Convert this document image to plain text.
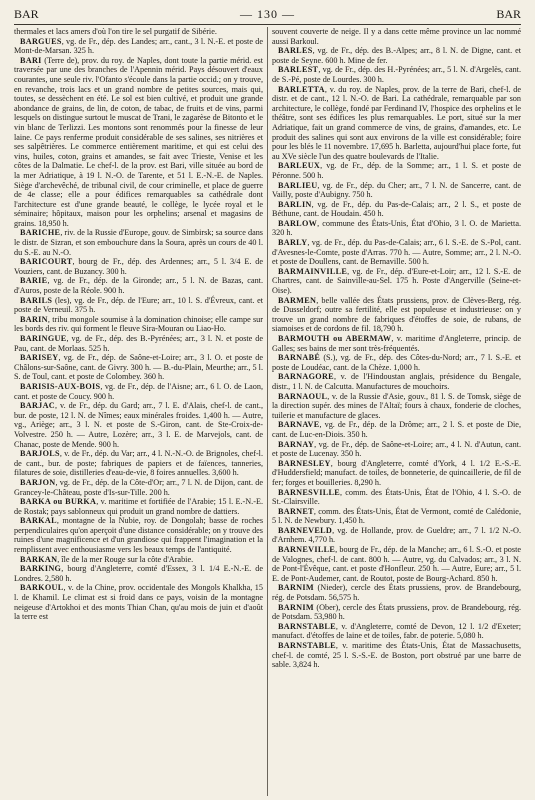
BAR	— 130 —	BAR

thermales et lacs amers d'où l'on tire le sel purgatif de Sibérie.

BARGUES, vg. de Fr., dép. des Landes; arr., cant., 3 l. N.-E. et poste de Mont-de-Marsan. 325 h.

BARI (Terre de), prov. du roy. de Naples, dont toute la partie mérid. est traversée par une des branches de l'Apennin mérid. Pays désouvert d'eaux courantes, une seule riv. l'Ofanto s'écoule dans la partie occid.; on y trouve, en revanche, trois lacs et un grand nombre de petites sources, mais qui, toutes, se dessèchent en été. Le sol est bien cultivé, et produit une grande abondance de grains, de lin, de coton, de tabac, de fruits et de vins, parmi lesquels on distingue surtout le muscat de Trani, le zagarèse de Bitonto et le vin blanc de Terlizzi. Les montons sont renommés pour la finesse de leur laine. Ce pays renferme produit considérable de ses salines, ses nitrières et ses salpêtrières. Le commerce entièrement maritime, et qui est celui des vins, huiles, coton, grains et amandes, se fait avec Trieste, Venise et les côtes de la Dalmatie. Le chef-l. de la prov. est Bari, ville située au bord de la mer Adriatique, à 19 l. N.-O. de Tarente, et 51 l. E.-N.-E. de Naples. Siège d'archevêché, de tribunal civil, de cour criminelle, et place de guerre de 4e classe; elle a pour édifices remarquables sa cathédrale dont l'architecture est d'une grande beauté, le collège, le lycée royal et le séminaire; hôpitaux, maison pour les orphelins; arsenal et magasins de grains. 18,950 h.

BARICHE, riv. de la Russie d'Europe, gouv. de Simbirsk; sa source dans le distr. de Sizran, et son embouchure dans la Soura, après un cours de 40 l. du S.-E. au N.-O.

BARICOURT, bourg de Fr., dép. des Ardennes; arr., 5 l. 3/4 E. de Vouziers, cant. de Buzancy. 300 h.

BARIE, vg. de Fr., dép. de la Gironde; arr., 5 l. N. de Bazas, cant. d'Auros, poste de la Réole. 900 h.

BARILS (les), vg. de Fr., dép. de l'Eure; arr., 10 l. S. d'Évreux, cant. et poste de Verneuil. 375 h.

BARIN, tribu mongole soumise à la domination chinoise; elle campe sur les bords des riv. qui forment le fleuve Sira-Mouran ou Liao-Ho.

BARINGUE, vg. de Fr., dép. des B.-Pyrénées; arr., 3 l. N. et poste de Pau, cant. de Morlaas. 525 h.

BARISEY, vg. de Fr., dép. de Saône-et-Loire; arr., 3 l. O. et poste de Châlons-sur-Saône, cant. de Givry. 300 h. — B.-du-Plain, Meurthe; arr., 5 l. S. de Toul, cant. et poste de Colombey. 360 h.

BARISIS-AUX-BOIS, vg. de Fr., dép. de l'Aisne; arr., 6 l. O. de Laon, cant. et poste de Coucy. 900 h.

BARJAC, v. de Fr., dép. du Gard; arr., 7 l. E. d'Alais, chef-l. de cant., bur. de poste, 12 l. N. de Nîmes; eaux minérales froides. 1,400 h. — Autre, vg., Ariège; arr., 3 l. N. et poste de S.-Giron, cant. de Ste-Croix-de-Volvestre. 250 h. — Autre, Lozère; arr., 3 l. E. de Marvejols, cant. de Chanac, poste de Mende. 900 h.

BARJOLS, v. de Fr., dép. du Var; arr., 4 l. N.-N.-O. de Brignoles, chef-l. de cant., bur. de poste; fabriques de papiers et de faïences, tanneries, filatures de soie, distilleries d'eau-de-vie, 8 foires annuelles. 3,600 h.

BARJON, vg. de Fr., dép. de la Côte-d'Or; arr., 7 l. N. de Dijon, cant. de Grancey-le-Château, poste d'Is-sur-Tille. 200 h.

BARKA ou BURKA, v. maritime et fortifiée de l'Arabie; 15 l. E.-N.-E. de Rostak; pays sablonneux qui produit un grand nombre de dattiers.

BARKAL, montagne de la Nubie, roy. de Dongolah; basse de roches perpendiculaires qu'on aperçoit d'une distance considérable; on y trouve des ruines d'une magnificence et d'un grandiose qui frappent l'imagination et la remplissent avec enthousiasme vers les beaux temps de l'antiquité.

BARKAN, île de la mer Rouge sur la côte d'Arabie.

BARKING, bourg d'Angleterre, comté d'Essex, 3 l. 1/4 E.-N.-E. de Londres. 2,580 h.

BARKOUL, v. de la Chine, prov. occidentale des Mongols Khalkha, 15 l. de Khamil. Le climat est si froid dans ce pays, voisin de la montagne neigeuse d'Artokhoi et des monts Thian Chan, qu'au mois de juin et d'août la terre est

souvent couverte de neige. Il y a dans cette même province un lac nommé aussi Barkoul.

BARLES, vg. de Fr., dép. des B.-Alpes; arr., 8 l. N. de Digne, cant. et poste de Seyne. 600 h. Mine de fer.

BARLEST, vg. de Fr., dép. des H.-Pyrénées; arr., 5 l. N. d'Argelès, cant. de S.-Pé, poste de Lourdes. 300 h.

BARLETTA, v. du roy. de Naples, prov. de la terre de Bari, chef-l. de distr. et de cant., 12 l. N.-O. de Bari. La cathédrale, remarquable par son architecture, le collège, fondé par Ferdinand IV, l'hospice des orphelins et le théâtre, sont ses édifices les plus remarquables. Le port, situé sur la mer Adriatique, fait un grand commerce de vins, de grains, d'amandes, etc. Le produit des salines qui sont aux environs de la ville est considérable; foire pour les blés le 11 novembre. 17,695 h. Barletta, aujourd'hui place forte, fut au XVe siècle l'un des quatre boulevards de l'Italie.

BARLEUX, vg. de Fr., dép. de la Somme; arr., 1 l. S. et poste de Péronne. 500 h.

BARLIEU, vg. de Fr., dép. du Cher; arr., 7 l. N. de Sancerre, cant. de Vailly, poste d'Aubigny. 750 h.

BARLIN, vg. de Fr., dép. du Pas-de-Calais; arr., 2 l. S., et poste de Béthune, cant. de Houdain. 450 h.

BARLOW, commune des États-Unis, État d'Ohio, 3 l. O. de Marietta. 320 h.

BARLY, vg. de Fr., dép. du Pas-de-Calais; arr., 6 l. S.-E. de S.-Pol, cant. d'Avesnes-le-Comte, poste d'Arras. 770 h. — Autre, Somme; arr., 2 l. N.-O. et poste de Doullens, cant. de Bernaville. 500 h.

BARMAINVILLE, vg. de Fr., dép. d'Eure-et-Loir; arr., 12 l. S.-E. de Chartres, cant. de Sainville-au-Sel. 175 h. Poste d'Angerville (Seine-et-Oise).

BARMEN, belle vallée des États prussiens, prov. de Clèves-Berg, rég. de Dusseldorf; outre sa fertilité, elle est populeuse et industrieuse: on y trouve un grand nombre de fabriques d'étoffes de soie, de rubans, de siamoises et de cordons de fil. 18,790 h.

BARMOUTH ou ABERMAW, v. maritime d'Angleterre, princip. de Galles; ses bains de mer sont très-fréquentés.

BARNABÉ (S.), vg. de Fr., dép. des Côtes-du-Nord; arr., 7 l. S.-E. et poste de Loudéac, cant. de la Chèze. 1,000 h.

BARNAGORE, v. de l'Hindoustan anglais, présidence du Bengale, distr., 1 l. N. de Calcutta. Manufactures de mouchoirs.

BARNAOUL, v. de la Russie d'Asie, gouv., 81 l. S. de Tomsk, siège de la direction supér. des mines de l'Altaï; fours à chaux, fonderie de cloches, tuilerie et manufacture de glaces.

BARNAVE, vg. de Fr., dép. de la Drôme; arr., 2 l. S. et poste de Die, cant. de Luc-en-Diois. 350 h.

BARNAY, vg. de Fr., dép. de Saône-et-Loire; arr., 4 l. N. d'Autun, cant. et poste de Lucenay. 350 h.

BARNESLEY, bourg d'Angleterre, comté d'York, 4 l. 1/2 E.-S.-E. d'Huddersfield; manufact. de toiles, de bonneterie, de quincaillerie, de fil de fer; forges et bouilleries. 8,290 h.

BARNESVILLE, comm. des États-Unis, État de l'Ohio, 4 l. S.-O. de St.-Clairsville.

BARNET, comm. des États-Unis, État de Vermont, comté de Calédonie, 5 l. N. de Newbury. 1,450 h.

BARNEVELD, vg. de Hollande, prov. de Gueldre; arr., 7 l. 1/2 N.-O. d'Arnhem. 4,770 h.

BARNEVILLE, bourg de Fr., dép. de la Manche; arr., 6 l. S.-O. et poste de Valognes, chef-l. de cant. 800 h. — Autre, vg. du Calvados; arr., 3 l. N. de Pont-l'Évêque, cant. et poste d'Honfleur. 250 h. — Autre, Eure; arr., 5 l. E. de Pont-Audemer, cant. de Routot, poste de Bourg-Achard. 850 h.

BARNIM (Nieder), cercle des États prussiens, prov. de Brandebourg, rég. de Potsdam. 56,575 h.

BARNIM (Ober), cercle des États prussiens, prov. de Brandebourg, rég. de Potsdam. 53,980 h.

BARNSTABLE, v. d'Angleterre, comté de Devon, 12 l. 1/2 d'Exeter; manufact. d'étoffes de laine et de toiles, fabr. de poterie. 5,080 h.

BARNSTABLE, v. maritime des États-Unis, État de Massachusetts, chef-l. de comté, 25 l. S.-S.-E. de Boston, port obstrué par une barre de sable. 3,824 h.
